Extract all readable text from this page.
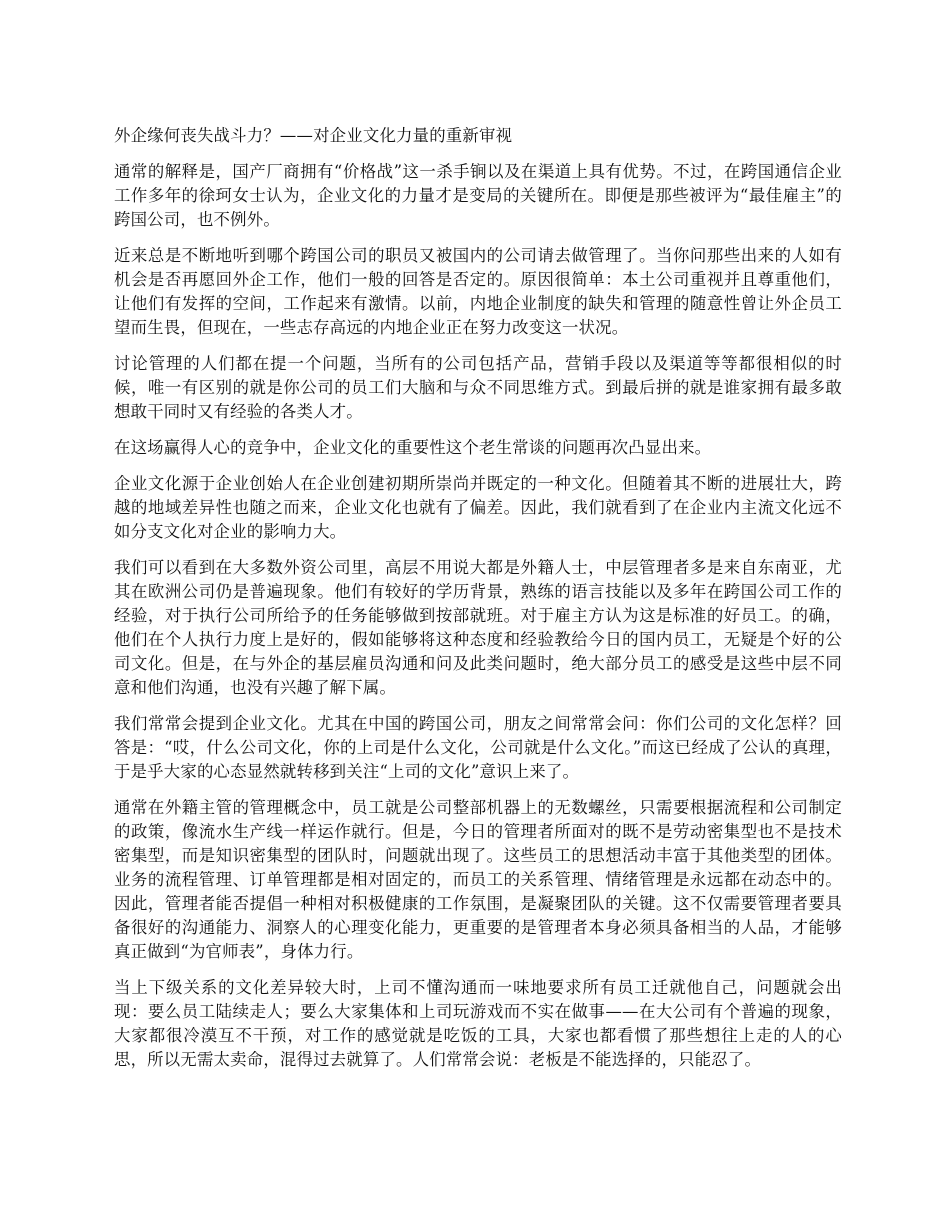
外企缘何丧失战斗力？——对企业文化力量的重新审视

通常的解释是，国产厂商拥有“价格战”这一杀手锏以及在渠道上具有优势。不过，在跨国通信企业工作多年的徐珂女士认为，企业文化的力量才是变局的关键所在。即便是那些被评为“最佳雇主”的跨国公司，也不例外。

近来总是不断地听到哪个跨国公司的职员又被国内的公司请去做管理了。当你问那些出来的人如有机会是否再愿回外企工作，他们一般的回答是否定的。原因很简单：本土公司重视并且尊重他们，让他们有发挥的空间，工作起来有激情。以前，内地企业制度的缺失和管理的随意性曾让外企员工望而生畏，但现在，一些志存高远的内地企业正在努力改变这一状况。

讨论管理的人们都在提一个问题，当所有的公司包括产品，营销手段以及渠道等等都很相似的时候，唯一有区别的就是你公司的员工们大脑和与众不同思维方式。到最后拼的就是谁家拥有最多敢想敢干同时又有经验的各类人才。

在这场赢得人心的竞争中，企业文化的重要性这个老生常谈的问题再次凸显出来。

企业文化源于企业创始人在企业创建初期所崇尚并既定的一种文化。但随着其不断的进展壮大，跨越的地域差异性也随之而来，企业文化也就有了偏差。因此，我们就看到了在企业内主流文化远不如分支文化对企业的影响力大。

我们可以看到在大多数外资公司里，高层不用说大都是外籍人士，中层管理者多是来自东南亚，尤其在欧洲公司仍是普遍现象。他们有较好的学历背景，熟练的语言技能以及多年在跨国公司工作的经验，对于执行公司所给予的任务能够做到按部就班。对于雇主方认为这是标准的好员工。的确，他们在个人执行力度上是好的，假如能够将这种态度和经验教给今日的国内员工，无疑是个好的公司文化。但是，在与外企的基层雇员沟通和问及此类问题时，绝大部分员工的感受是这些中层不同意和他们沟通，也没有兴趣了解下属。

我们常常会提到企业文化。尤其在中国的跨国公司，朋友之间常常会问：你们公司的文化怎样？回答是：“哎，什么公司文化，你的上司是什么文化，公司就是什么文化。”而这已经成了公认的真理，于是乎大家的心态显然就转移到关注“上司的文化”意识上来了。

通常在外籍主管的管理概念中，员工就是公司整部机器上的无数螺丝，只需要根据流程和公司制定的政策，像流水生产线一样运作就行。但是，今日的管理者所面对的既不是劳动密集型也不是技术密集型，而是知识密集型的团队时，问题就出现了。这些员工的思想活动丰富于其他类型的团体。业务的流程管理、订单管理都是相对固定的，而员工的关系管理、情绪管理是永远都在动态中的。因此，管理者能否提倡一种相对积极健康的工作氛围，是凝聚团队的关键。这不仅需要管理者要具备很好的沟通能力、洞察人的心理变化能力，更重要的是管理者本身必须具备相当的人品，才能够真正做到“为官师表”，身体力行。

当上下级关系的文化差异较大时，上司不懂沟通而一味地要求所有员工迁就他自己，问题就会出现：要么员工陆续走人；要么大家集体和上司玩游戏而不实在做事——在大公司有个普遍的现象，大家都很冷漠互不干预，对工作的感觉就是吃饭的工具，大家也都看惯了那些想往上走的人的心思，所以无需太卖命，混得过去就算了。人们常常会说：老板是不能选择的，只能忍了。
